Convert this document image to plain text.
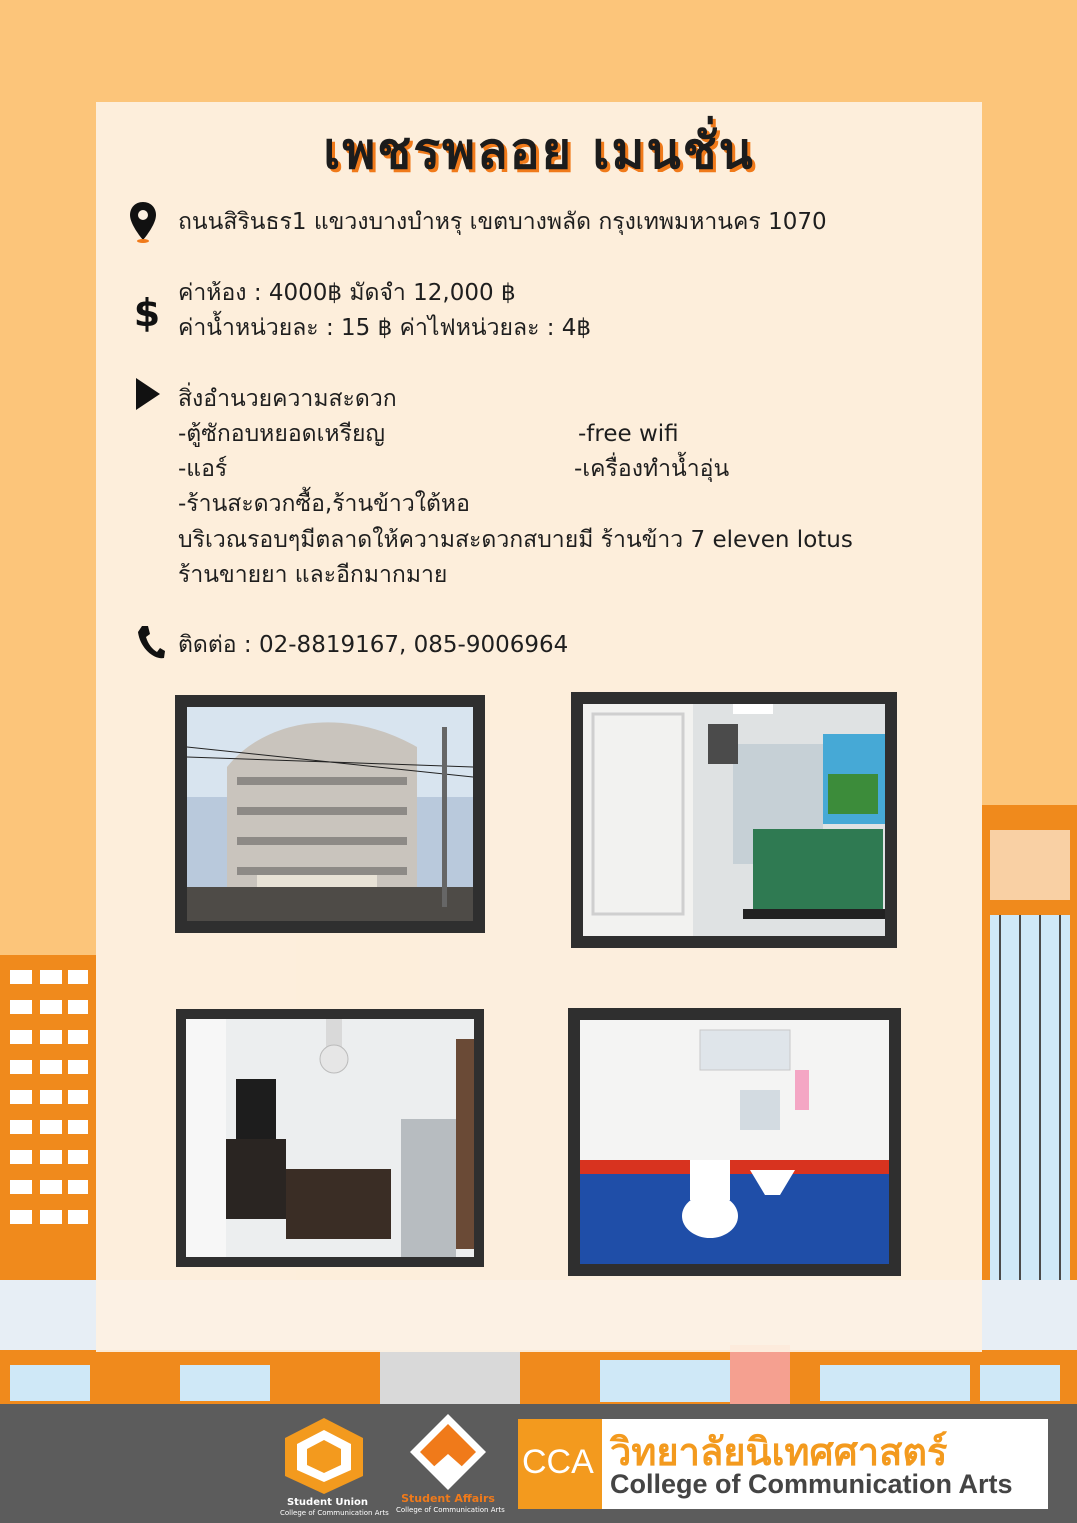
เพชรพลอย เมนชั่น
ถนนสิรินธร1 แขวงบางบำหรุ เขตบางพลัด กรุงเทพมหานคร 1070
$ ค่าห้อง : 4000฿ มัดจำ 12,000 ฿
ค่าน้ำหน่วยละ : 15 ฿ ค่าไฟหน่วยละ : 4฿
สิ่งอำนวยความสะดวก
-ตู้ซักอบหยอดเหรียญ	-free wifi
-แอร์	-เครื่องทำน้ำอุ่น
-ร้านสะดวกซื้อ,ร้านข้าวใต้หอ
บริเวณรอบๆมีตลาดให้ความสะดวกสบายมี ร้านข้าว 7 eleven lotus
ร้านขายยา และอีกมากมาย
ติดต่อ : 02-8819167, 085-9006964
Student Union
College of Communication Arts
Student Affairs
College of Communication Arts
CCA วิทยาลัยนิเทศศาสตร์
College of Communication Arts
